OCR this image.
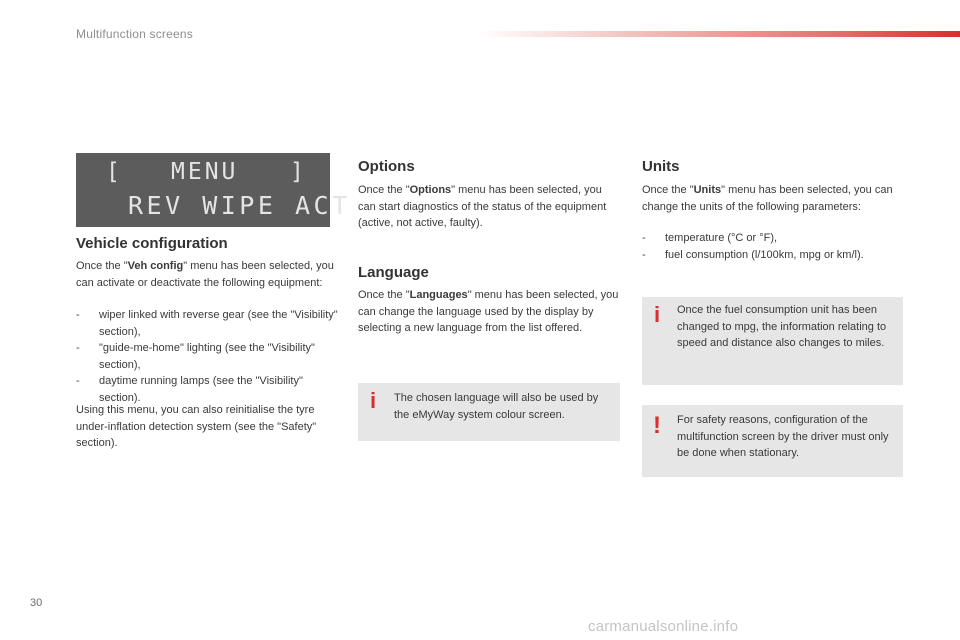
Multifunction screens
[ MENU ]
REV WIPE ACT
Vehicle configuration
Once the "Veh config" menu has been selected, you can activate or deactivate the following equipment:
- wiper linked with reverse gear (see the "Visibility" section),
- "guide-me-home" lighting (see the "Visibility" section),
- daytime running lamps (see the "Visibility" section).
Using this menu, you can also reinitialise the tyre under-inflation detection system (see the "Safety" section).
Options
Once the "Options" menu has been selected, you can start diagnostics of the status of the equipment (active, not active, faulty).
Language
Once the "Languages" menu has been selected, you can change the language used by the display by selecting a new language from the list offered.
i The chosen language will also be used by the eMyWay system colour screen.
Units
Once the "Units" menu has been selected, you can change the units of the following parameters:
- temperature (°C or °F),
- fuel consumption (l/100km, mpg or km/l).
i Once the fuel consumption unit has been changed to mpg, the information relating to speed and distance also changes to miles.
! For safety reasons, configuration of the multifunction screen by the driver must only be done when stationary.
30
carmanualsonline.info
